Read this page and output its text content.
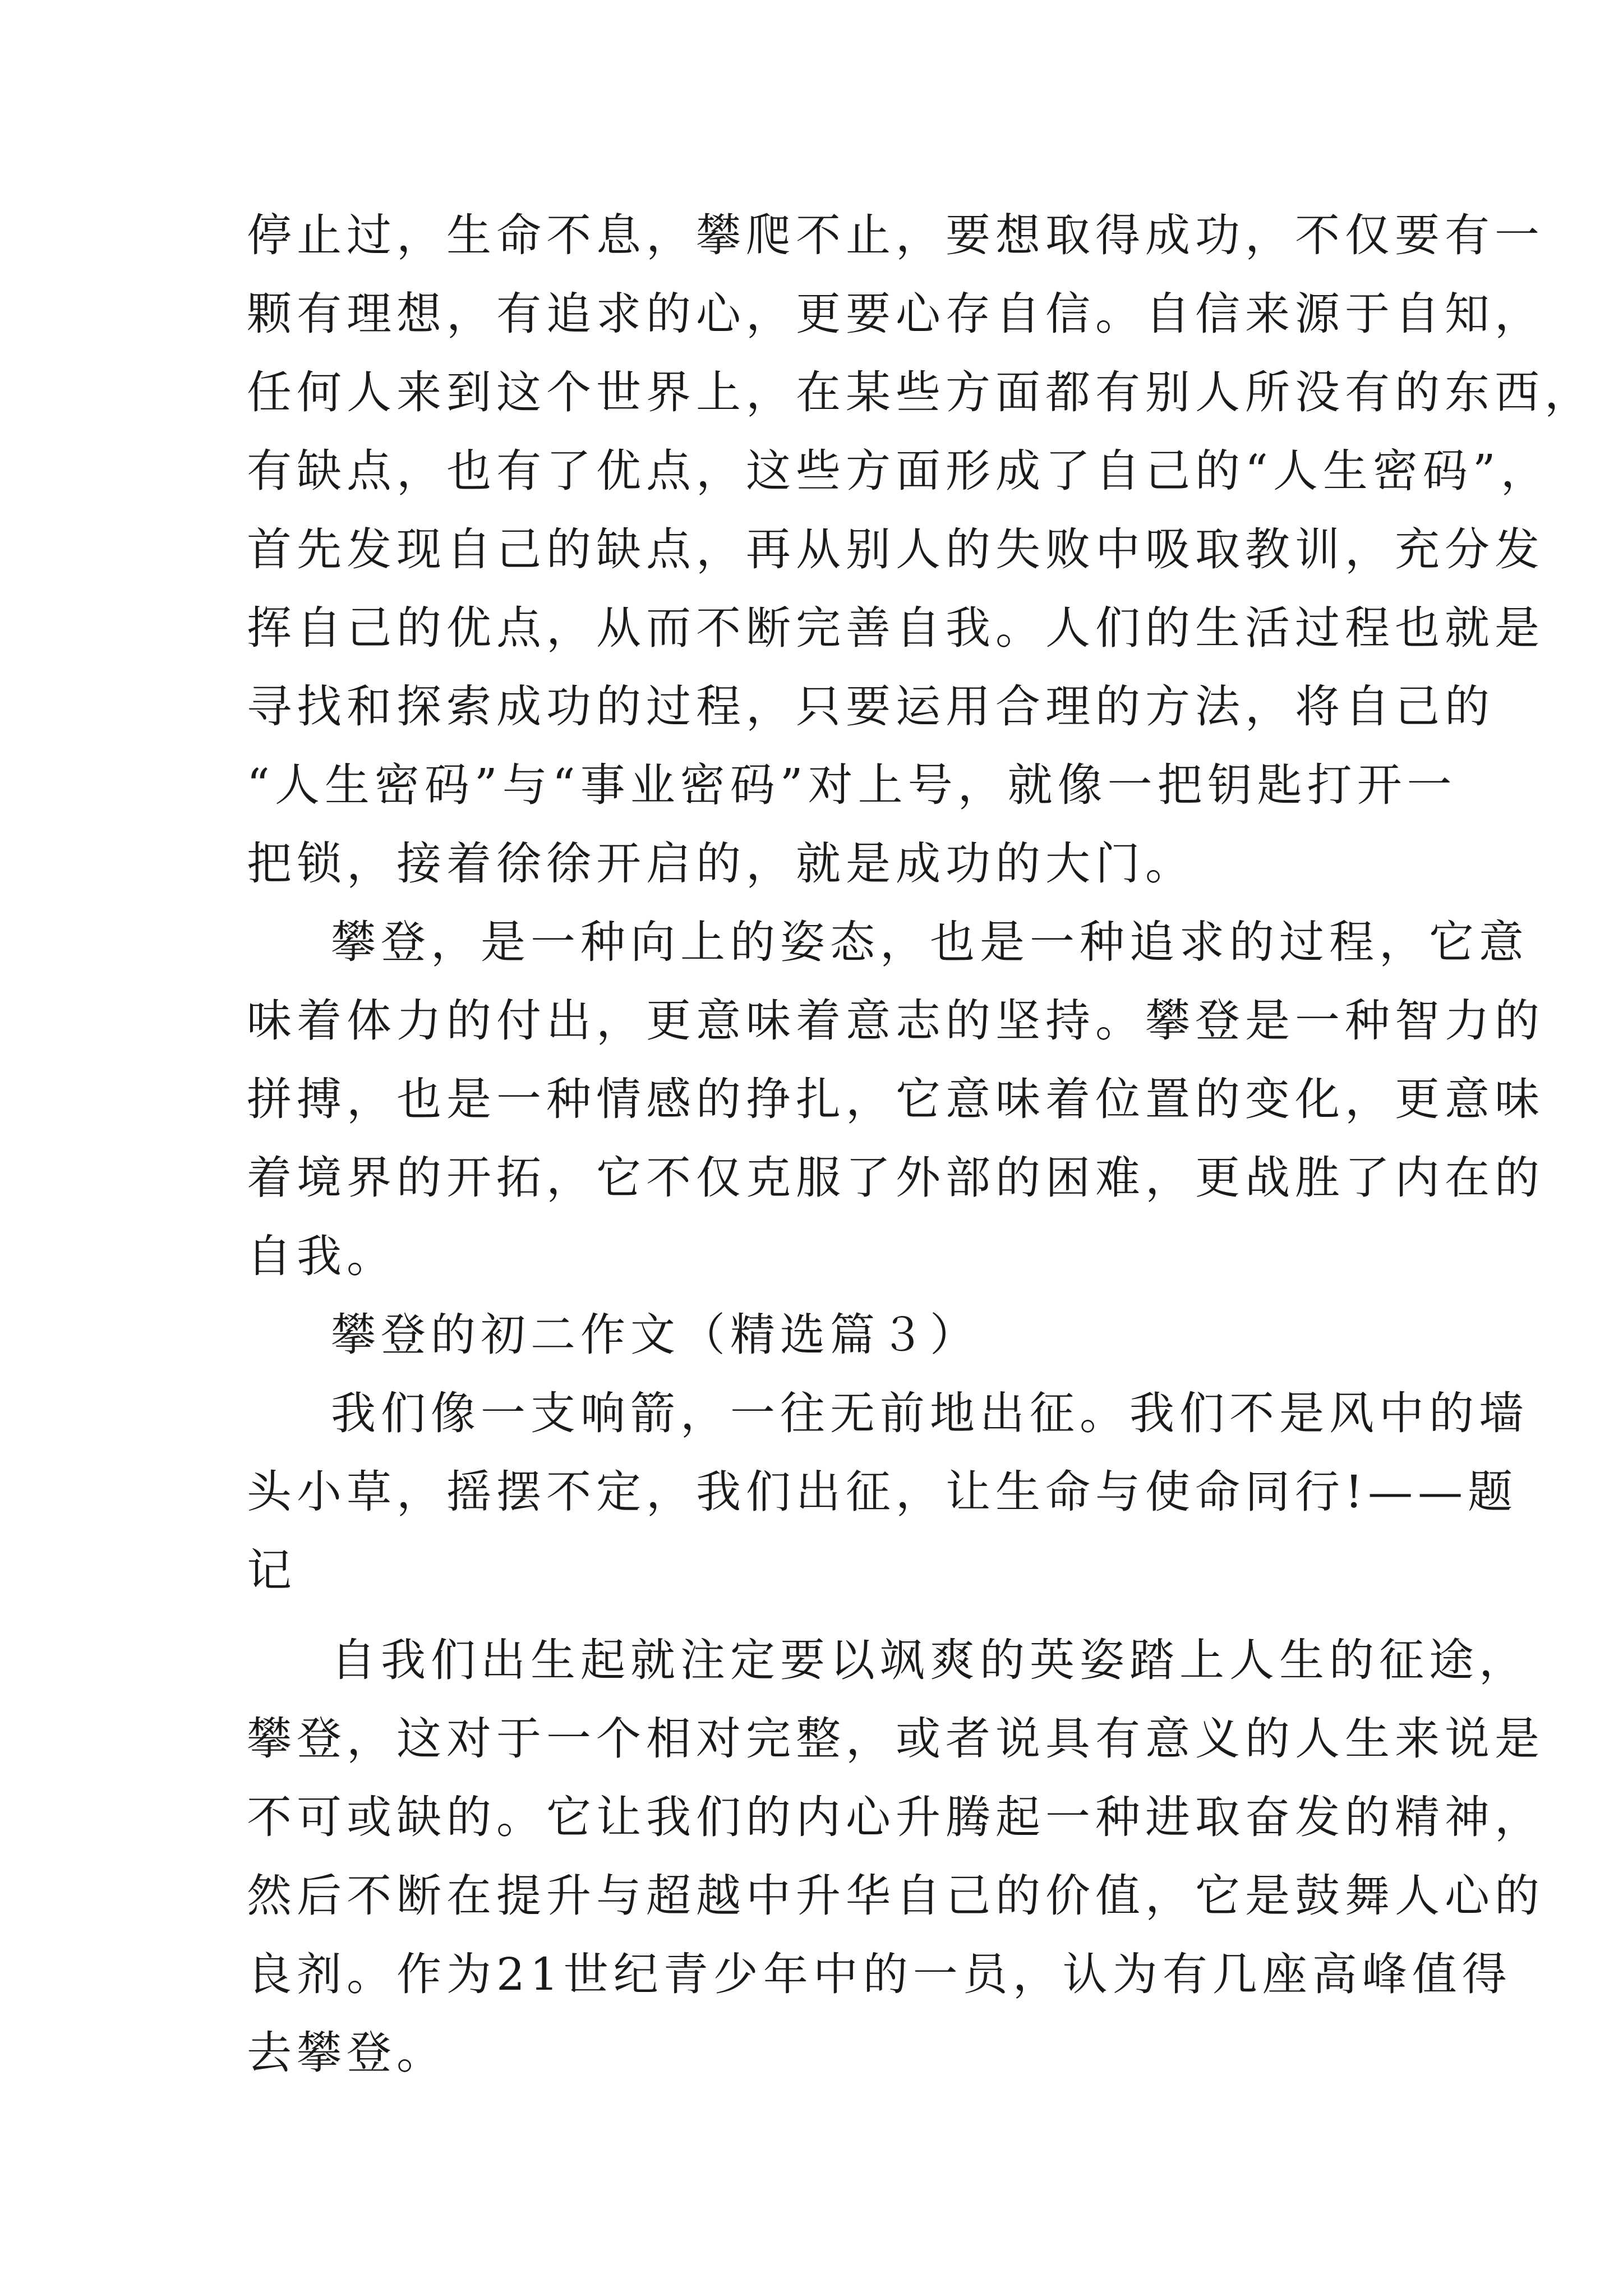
停止过，生命不息，攀爬不止，要想取得成功，不仅要有一
颗有理想，有追求的心，更要心存自信。自信来源于自知，
任何人来到这个世界上，在某些方面都有别人所没有的东西，
有缺点，也有了优点，这些方面形成了自己的“人生密码”，
首先发现自己的缺点，再从别人的失败中吸取教训，充分发
挥自己的优点，从而不断完善自我。人们的生活过程也就是
寻找和探索成功的过程，只要运用合理的方法，将自己的
“人生密码”与“事业密码”对上号，就像一把钥匙打开一
把锁，接着徐徐开启的，就是成功的大门。
攀登，是一种向上的姿态，也是一种追求的过程，它意
味着体力的付出，更意味着意志的坚持。攀登是一种智力的
拼搏，也是一种情感的挣扎，它意味着位置的变化，更意味
着境界的开拓，它不仅克服了外部的困难，更战胜了内在的
自我。
攀登的初二作文（精选篇３）
我们像一支响箭，一往无前地出征。我们不是风中的墙
头小草，摇摆不定，我们出征，让生命与使命同行!——题
记
自我们出生起就注定要以飒爽的英姿踏上人生的征途，
攀登，这对于一个相对完整，或者说具有意义的人生来说是
不可或缺的。它让我们的内心升腾起一种进取奋发的精神，
然后不断在提升与超越中升华自己的价值，它是鼓舞人心的
良剂。作为21世纪青少年中的一员，认为有几座高峰值得
去攀登。
